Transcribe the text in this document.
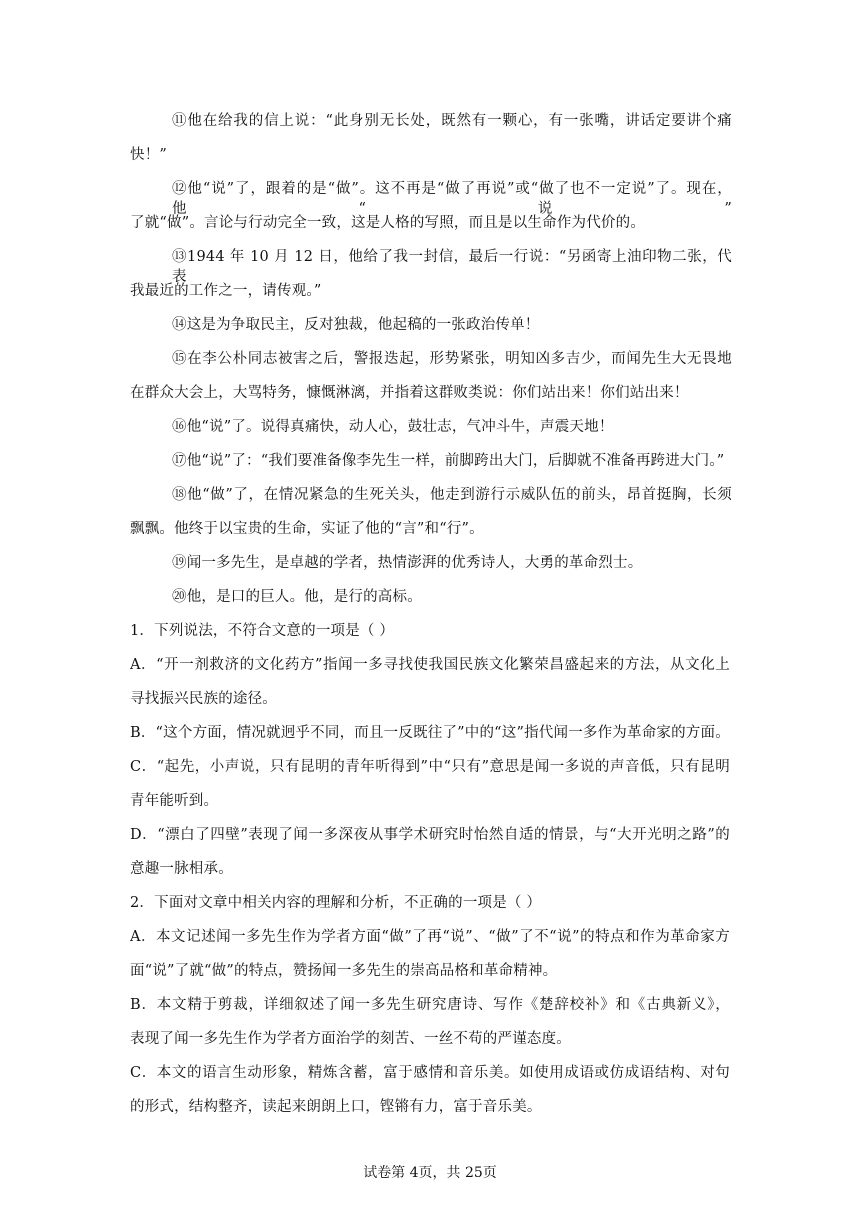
⑪他在给我的信上说：“此身别无长处，既然有一颗心，有一张嘴，讲话定要讲个痛
快！”
⑫他“说”了，跟着的是“做”。这不再是“做了再说”或“做了也不一定说”了。现在，他“说”
了就“做”。言论与行动完全一致，这是人格的写照，而且是以生命作为代价的。
⑬1944 年 10 月 12 日，他给了我一封信，最后一行说：“另函寄上油印物二张，代表
我最近的工作之一，请传观。”
⑭这是为争取民主，反对独裁，他起稿的一张政治传单！
⑮在李公朴同志被害之后，警报迭起，形势紧张，明知凶多吉少，而闻先生大无畏地
在群众大会上，大骂特务，慷慨淋漓，并指着这群败类说：你们站出来！你们站出来！
⑯他“说”了。说得真痛快，动人心，鼓壮志，气冲斗牛，声震天地！
⑰他“说”了：“我们要准备像李先生一样，前脚跨出大门，后脚就不准备再跨进大门。”
⑱他“做”了，在情况紧急的生死关头，他走到游行示威队伍的前头，昂首挺胸，长须
飘飘。他终于以宝贵的生命，实证了他的“言”和“行”。
⑲闻一多先生，是卓越的学者，热情澎湃的优秀诗人，大勇的革命烈士。
⑳他，是口的巨人。他，是行的高标。
1．下列说法，不符合文意的一项是（ ）
A．“开一剂救济的文化药方”指闻一多寻找使我国民族文化繁荣昌盛起来的方法，从文化上
寻找振兴民族的途径。
B．“这个方面，情况就迥乎不同，而且一反既往了”中的“这”指代闻一多作为革命家的方面。
C．“起先，小声说，只有昆明的青年听得到”中“只有”意思是闻一多说的声音低，只有昆明
青年能听到。
D．“漂白了四壁”表现了闻一多深夜从事学术研究时怡然自适的情景，与“大开光明之路”的
意趣一脉相承。
2．下面对文章中相关内容的理解和分析，不正确的一项是（ ）
A．本文记述闻一多先生作为学者方面“做”了再“说”、“做”了不“说”的特点和作为革命家方
面“说”了就“做”的特点，赞扬闻一多先生的崇高品格和革命精神。
B．本文精于剪裁，详细叙述了闻一多先生研究唐诗、写作《楚辞校补》和《古典新义》，
表现了闻一多先生作为学者方面治学的刻苦、一丝不苟的严谨态度。
C．本文的语言生动形象，精炼含蓄，富于感情和音乐美。如使用成语或仿成语结构、对句
的形式，结构整齐，读起来朗朗上口，铿锵有力，富于音乐美。
试卷第 4页，共 25页
